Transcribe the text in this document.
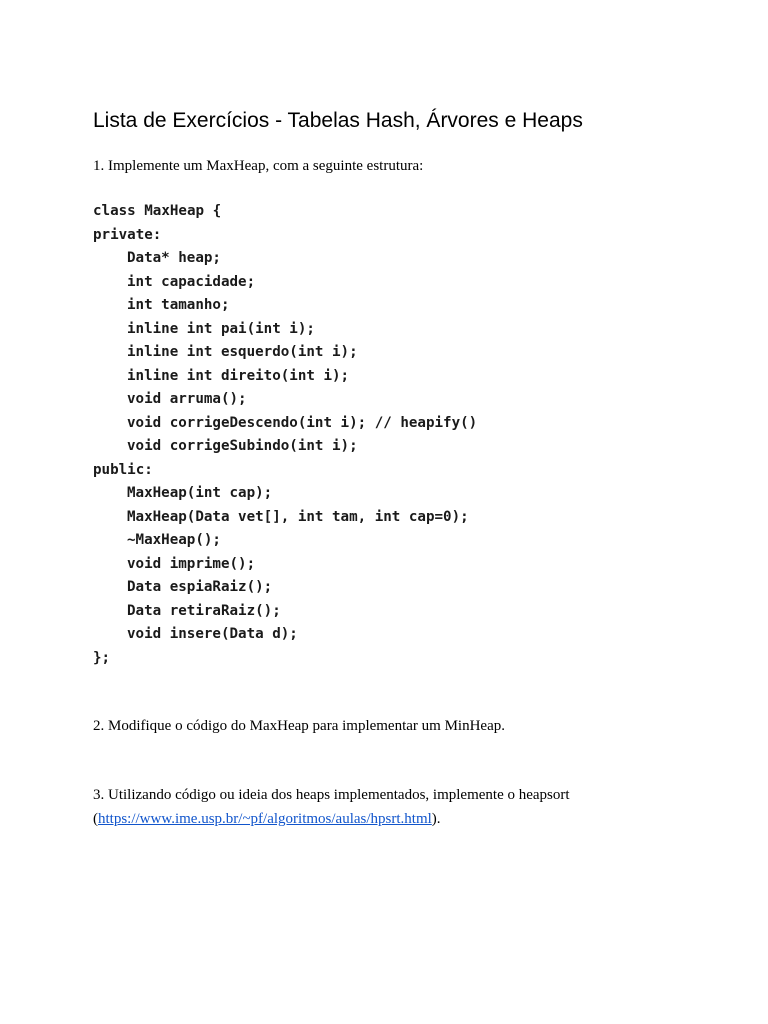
Lista de Exercícios - Tabelas Hash, Árvores e Heaps
1. Implemente um MaxHeap, com a seguinte estrutura:
class MaxHeap {
private:
Data* heap;
int capacidade;
int tamanho;
inline int pai(int i);
inline int esquerdo(int i);
inline int direito(int i);
void arruma();
void corrigeDescendo(int i); // heapify()
void corrigeSubindo(int i);
public:
MaxHeap(int cap);
MaxHeap(Data vet[], int tam, int cap=0);
~MaxHeap();
void imprime();
Data espiaRaiz();
Data retiraRaiz();
void insere(Data d);
};
2. Modifique o código do MaxHeap para implementar um MinHeap.
3. Utilizando código ou ideia dos heaps implementados, implemente o heapsort
(https://www.ime.usp.br/~pf/algoritmos/aulas/hpsrt.html).
